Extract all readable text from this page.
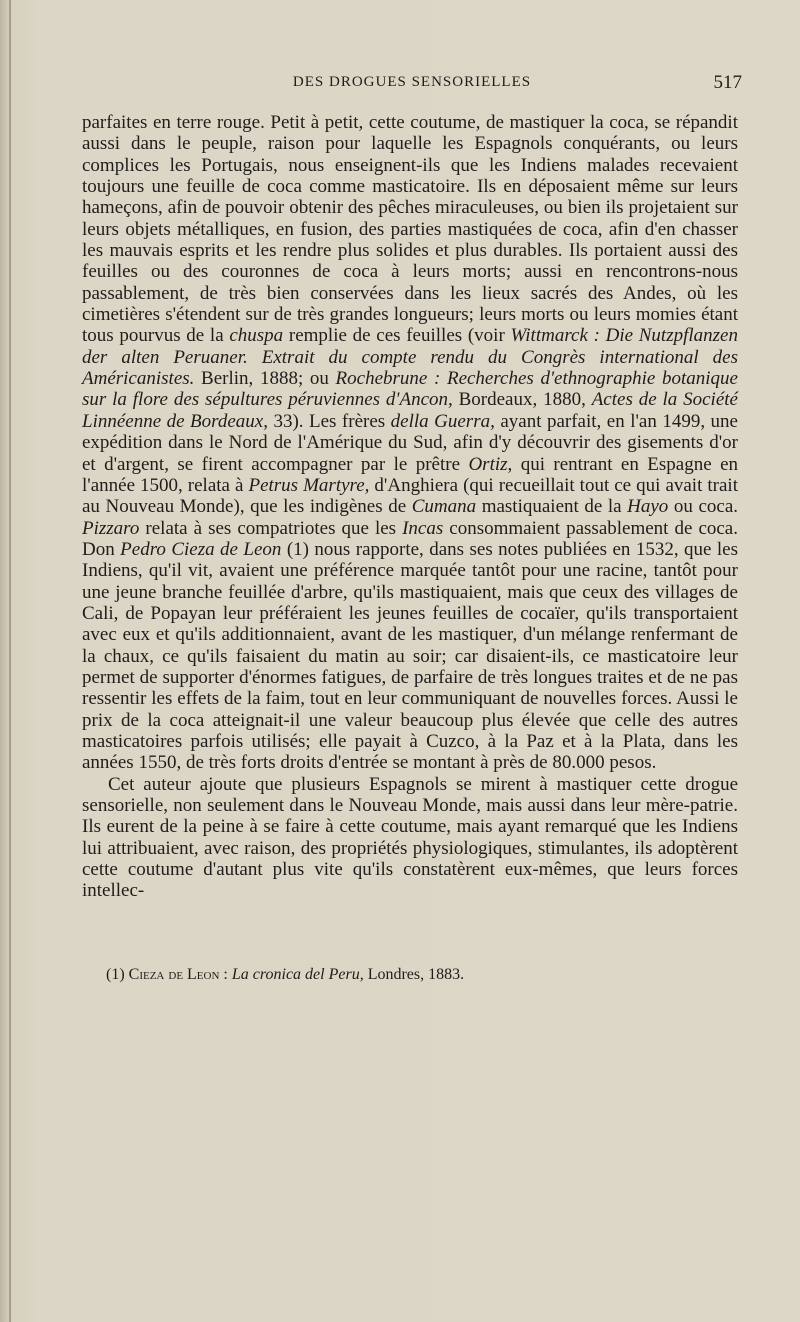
DES DROGUES SENSORIELLES	517

parfaites en terre rouge. Petit à petit, cette coutume, de mastiquer la coca, se répandit aussi dans le peuple, raison pour laquelle les Espagnols conquérants, ou leurs complices les Portugais, nous enseignent-ils que les Indiens malades recevaient toujours une feuille de coca comme masticatoire. Ils en déposaient même sur leurs hameçons, afin de pouvoir obtenir des pêches miraculeuses, ou bien ils projetaient sur leurs objets métalliques, en fusion, des parties mastiquées de coca, afin d'en chasser les mauvais esprits et les rendre plus solides et plus durables. Ils portaient aussi des feuilles ou des couronnes de coca à leurs morts; aussi en rencontrons-nous passablement, de très bien conservées dans les lieux sacrés des Andes, où les cimetières s'étendent sur de très grandes longueurs; leurs morts ou leurs momies étant tous pourvus de la chuspa remplie de ces feuilles (voir Wittmarck : Die Nutzpflanzen der alten Peruaner. Extrait du compte rendu du Congrès international des Américanistes. Berlin, 1888; ou Rochebrune : Recherches d'ethnographie botanique sur la flore des sépultures péruviennes d'Ancon, Bordeaux, 1880, Actes de la Société Linnéenne de Bordeaux, 33). Les frères della Guerra, ayant parfait, en l'an 1499, une expédition dans le Nord de l'Amérique du Sud, afin d'y découvrir des gisements d'or et d'argent, se firent accompagner par le prêtre Ortiz, qui rentrant en Espagne en l'année 1500, relata à Petrus Martyre, d'Anghiera (qui recueillait tout ce qui avait trait au Nouveau Monde), que les indigènes de Cumana mastiquaient de la Hayo ou coca. Pizzaro relata à ses compatriotes que les Incas consommaient passablement de coca. Don Pedro Cieza de Leon (1) nous rapporte, dans ses notes publiées en 1532, que les Indiens, qu'il vit, avaient une préférence marquée tantôt pour une racine, tantôt pour une jeune branche feuillée d'arbre, qu'ils mastiquaient, mais que ceux des villages de Cali, de Popayan leur préféraient les jeunes feuilles de cocaïer, qu'ils transportaient avec eux et qu'ils additionnaient, avant de les mastiquer, d'un mélange renfermant de la chaux, ce qu'ils faisaient du matin au soir; car disaient-ils, ce masticatoire leur permet de supporter d'énormes fatigues, de parfaire de très longues traites et de ne pas ressentir les effets de la faim, tout en leur communiquant de nouvelles forces. Aussi le prix de la coca atteignait-il une valeur beaucoup plus élevée que celle des autres masticatoires parfois utilisés; elle payait à Cuzco, à la Paz et à la Plata, dans les années 1550, de très forts droits d'entrée se montant à près de 80.000 pesos.

Cet auteur ajoute que plusieurs Espagnols se mirent à mastiquer cette drogue sensorielle, non seulement dans le Nouveau Monde, mais aussi dans leur mère-patrie. Ils eurent de la peine à se faire à cette coutume, mais ayant remarqué que les Indiens lui attribuaient, avec raison, des propriétés physiologiques, stimulantes, ils adoptèrent cette coutume d'autant plus vite qu'ils constatèrent eux-mêmes, que leurs forces intellec-

(1) Cieza de Leon : La cronica del Peru, Londres, 1883.
